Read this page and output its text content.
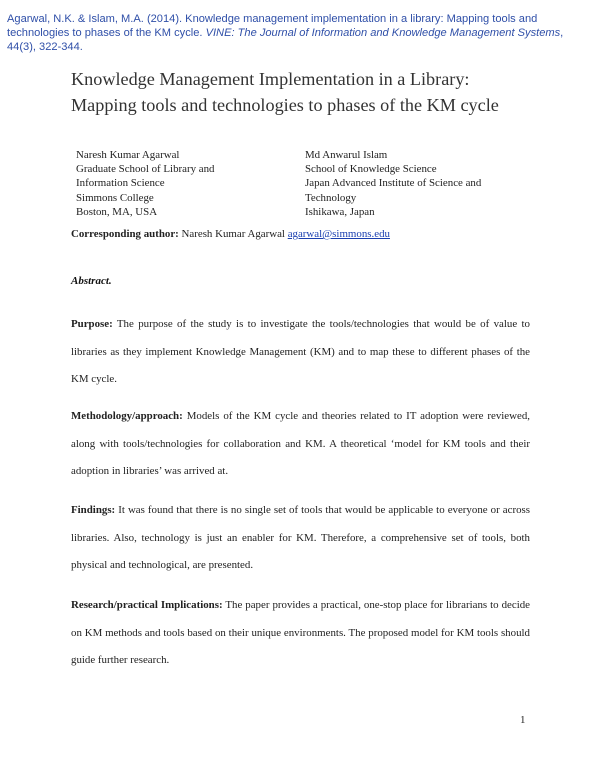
Agarwal, N.K. & Islam, M.A. (2014). Knowledge management implementation in a library: Mapping tools and technologies to phases of the KM cycle. VINE: The Journal of Information and Knowledge Management Systems, 44(3), 322-344.
Knowledge Management Implementation in a Library:
Mapping tools and technologies to phases of the KM cycle
Naresh Kumar Agarwal
Graduate School of Library and
Information Science
Simmons College
Boston, MA, USA
Md Anwarul Islam
School of Knowledge Science
Japan Advanced Institute of Science and
Technology
Ishikawa, Japan
Corresponding author: Naresh Kumar Agarwal agarwal@simmons.edu
Abstract.
Purpose: The purpose of the study is to investigate the tools/technologies that would be of value to libraries as they implement Knowledge Management (KM) and to map these to different phases of the KM cycle.
Methodology/approach: Models of the KM cycle and theories related to IT adoption were reviewed, along with tools/technologies for collaboration and KM. A theoretical ‘model for KM tools and their adoption in libraries’ was arrived at.
Findings: It was found that there is no single set of tools that would be applicable to everyone or across libraries. Also, technology is just an enabler for KM. Therefore, a comprehensive set of tools, both physical and technological, are presented.
Research/practical Implications: The paper provides a practical, one-stop place for librarians to decide on KM methods and tools based on their unique environments. The proposed model for KM tools should guide further research.
1
